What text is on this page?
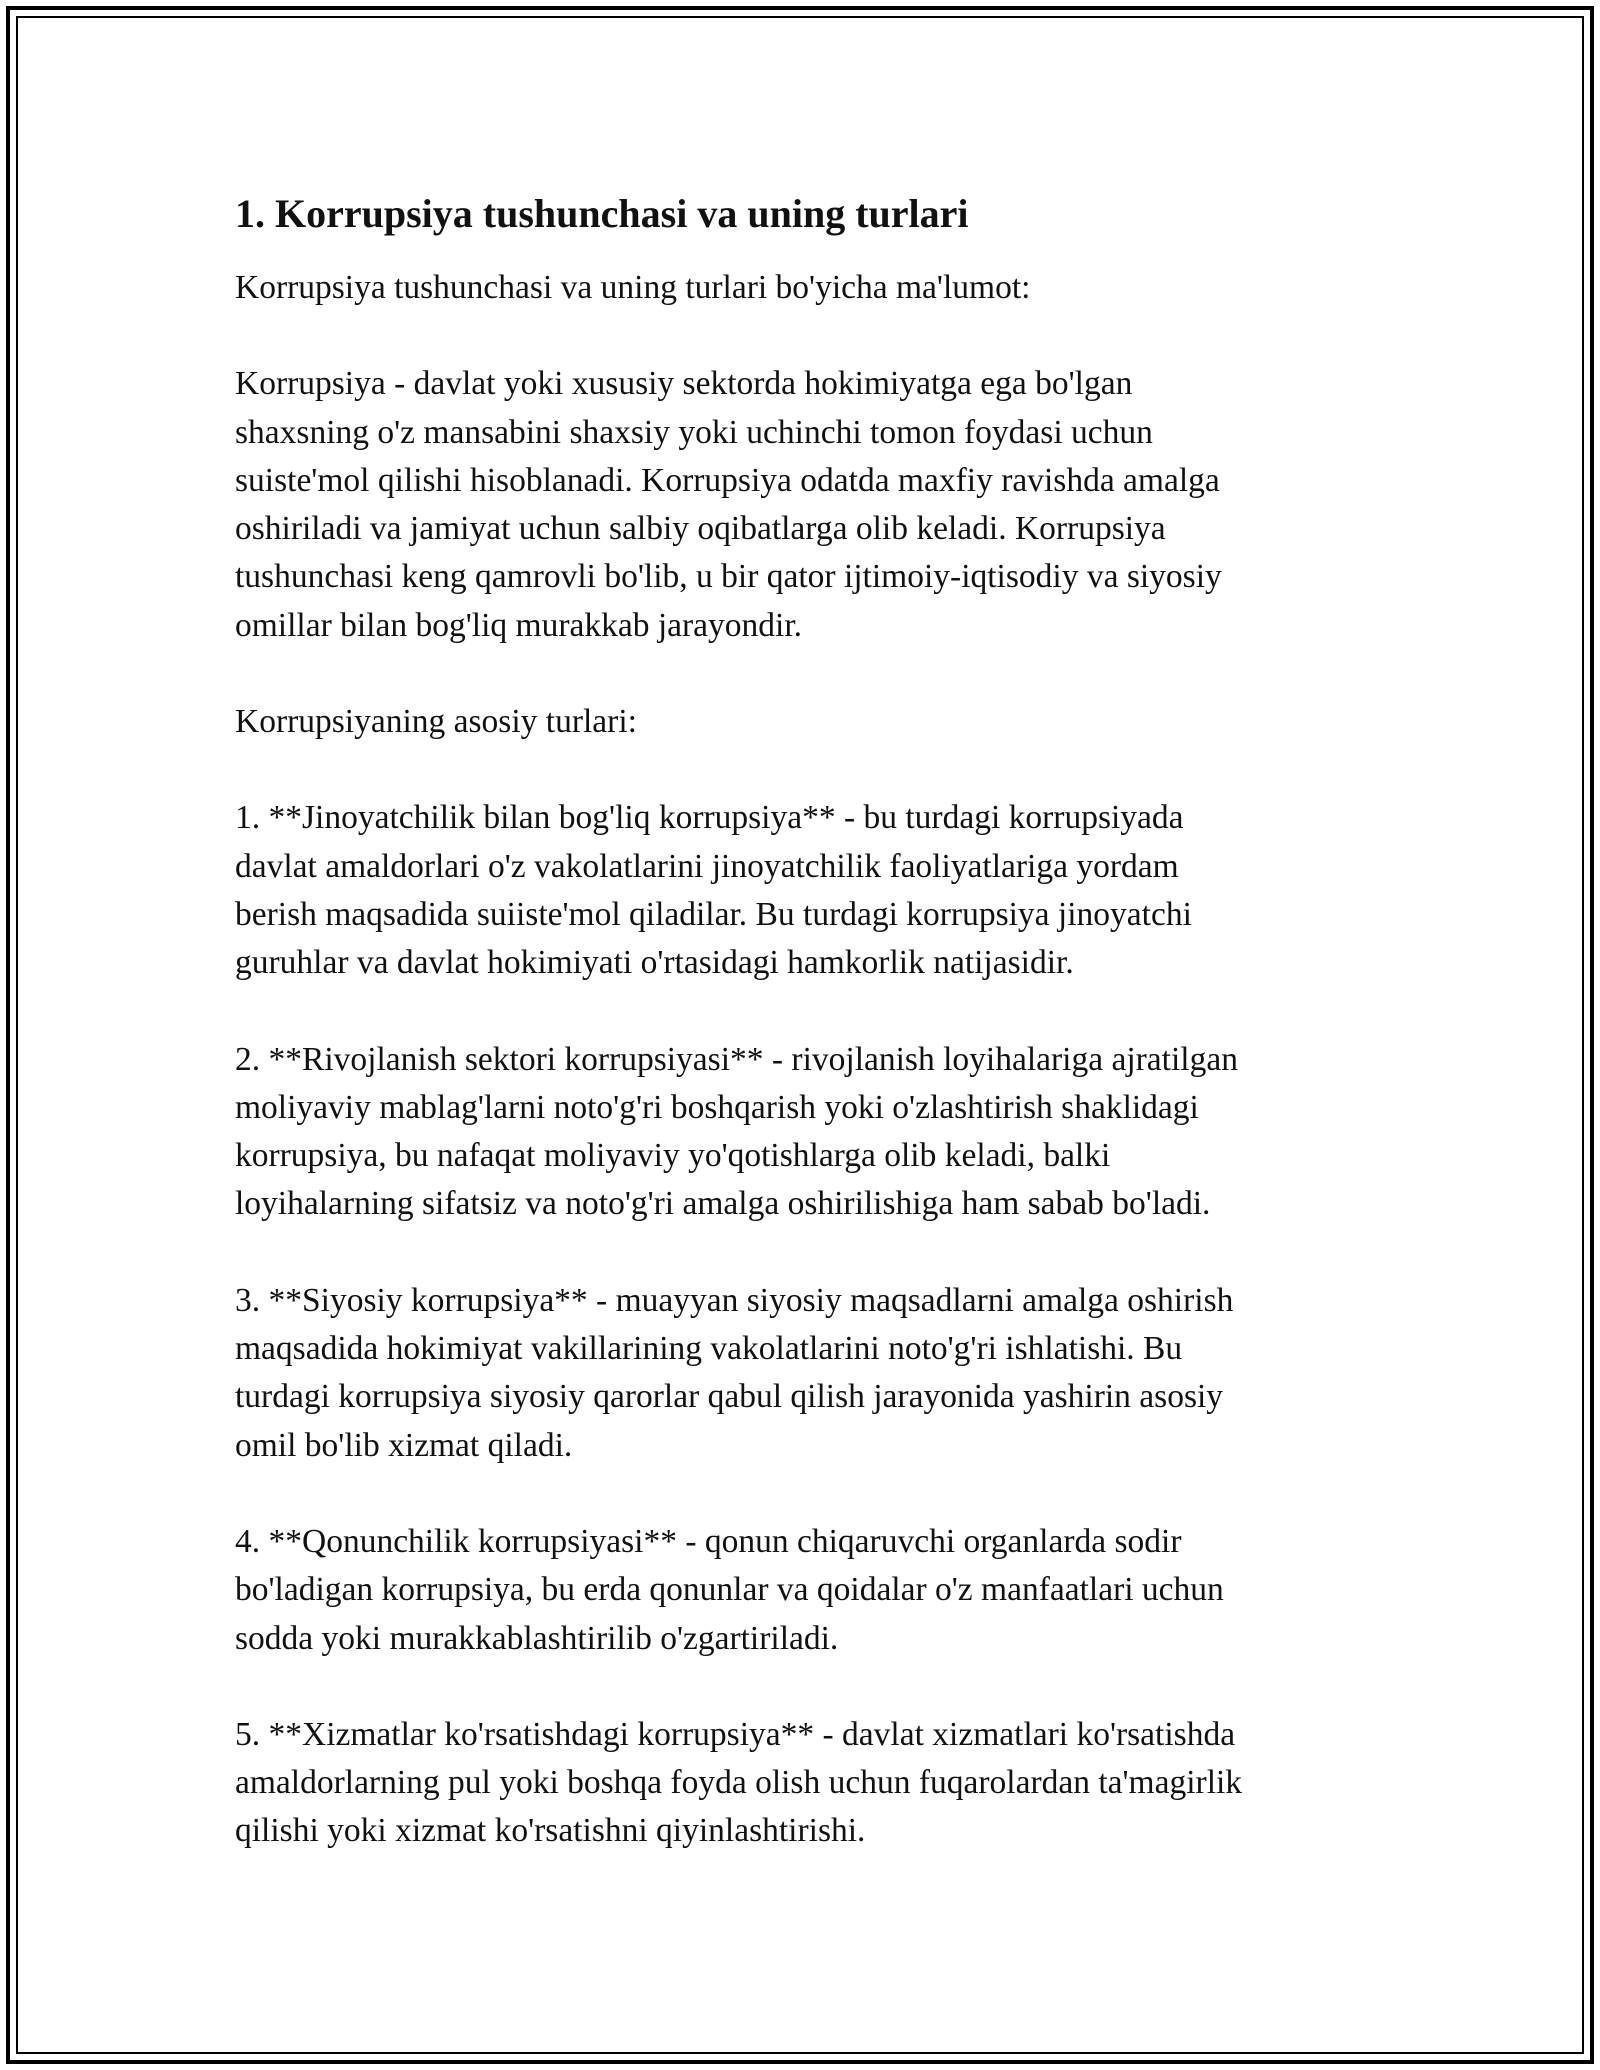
1. Korrupsiya tushunchasi va uning turlari

Korrupsiya tushunchasi va uning turlari bo'yicha ma'lumot:

Korrupsiya - davlat yoki xususiy sektorda hokimiyatga ega bo'lgan
shaxsning o'z mansabini shaxsiy yoki uchinchi tomon foydasi uchun
suiste'mol qilishi hisoblanadi. Korrupsiya odatda maxfiy ravishda amalga
oshiriladi va jamiyat uchun salbiy oqibatlarga olib keladi. Korrupsiya
tushunchasi keng qamrovli bo'lib, u bir qator ijtimoiy-iqtisodiy va siyosiy
omillar bilan bog'liq murakkab jarayondir.

Korrupsiyaning asosiy turlari:

1. **Jinoyatchilik bilan bog'liq korrupsiya** - bu turdagi korrupsiyada
davlat amaldorlari o'z vakolatlarini jinoyatchilik faoliyatlariga yordam
berish maqsadida suiiste'mol qiladilar. Bu turdagi korrupsiya jinoyatchi
guruhlar va davlat hokimiyati o'rtasidagi hamkorlik natijasidir.

2. **Rivojlanish sektori korrupsiyasi** - rivojlanish loyihalariga ajratilgan
moliyaviy mablag'larni noto'g'ri boshqarish yoki o'zlashtirish shaklidagi
korrupsiya, bu nafaqat moliyaviy yo'qotishlarga olib keladi, balki
loyihalarning sifatsiz va noto'g'ri amalga oshirilishiga ham sabab bo'ladi.

3. **Siyosiy korrupsiya** - muayyan siyosiy maqsadlarni amalga oshirish
maqsadida hokimiyat vakillarining vakolatlarini noto'g'ri ishlatishi. Bu
turdagi korrupsiya siyosiy qarorlar qabul qilish jarayonida yashirin asosiy
omil bo'lib xizmat qiladi.

4. **Qonunchilik korrupsiyasi** - qonun chiqaruvchi organlarda sodir
bo'ladigan korrupsiya, bu erda qonunlar va qoidalar o'z manfaatlari uchun
sodda yoki murakkablashtirilib o'zgartiriladi.

5. **Xizmatlar ko'rsatishdagi korrupsiya** - davlat xizmatlari ko'rsatishda
amaldorlarning pul yoki boshqa foyda olish uchun fuqarolardan ta'magirlik
qilishi yoki xizmat ko'rsatishni qiyinlashtirishi.
